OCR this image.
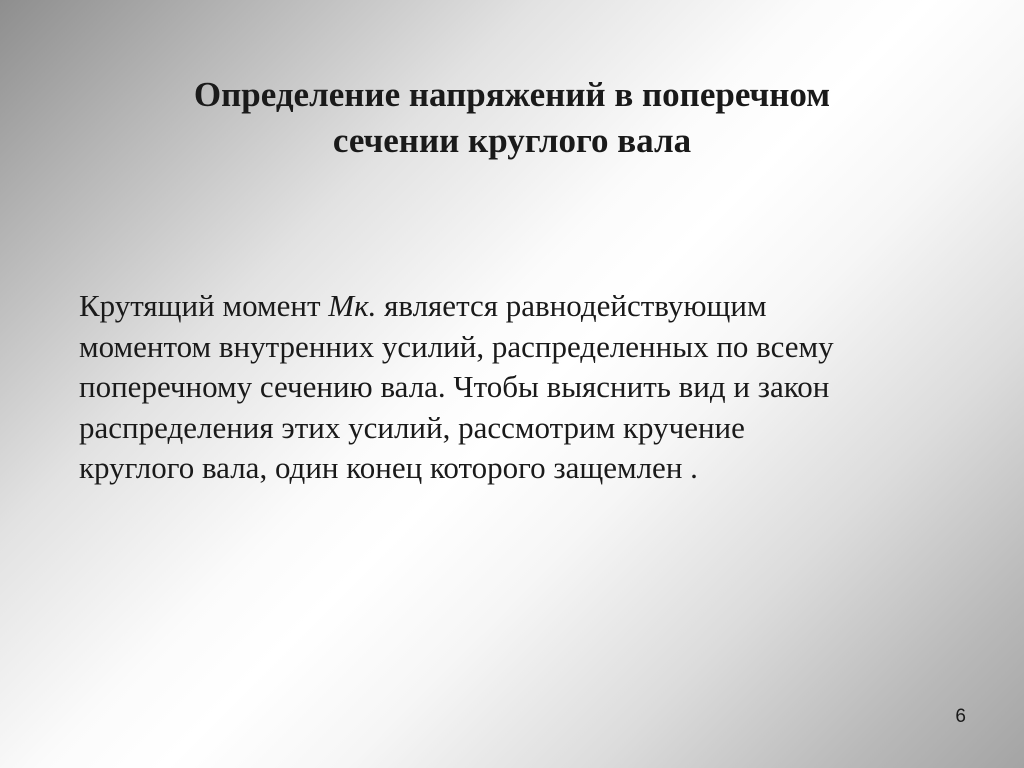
Определение напряжений в поперечном
сечении круглого вала

Крутящий момент Мк. является равнодействующим
моментом внутренних усилий, распределенных по всему
поперечному сечению вала. Чтобы выяснить вид и закон
распределения этих усилий, рассмотрим кручение
круглого вала, один конец которого защемлен .

6
